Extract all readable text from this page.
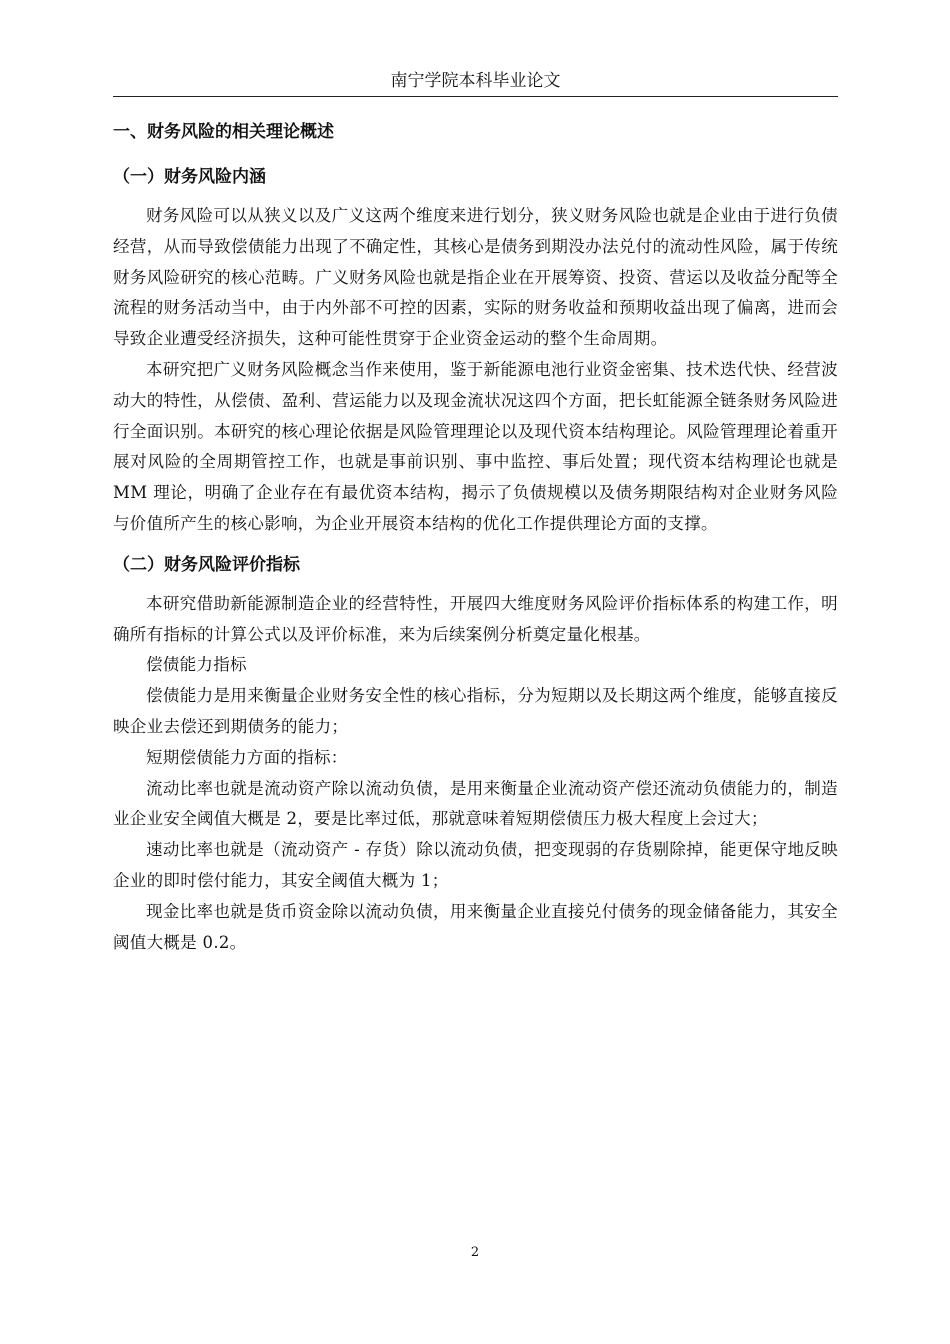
南宁学院本科毕业论文
一、财务风险的相关理论概述
（一）财务风险内涵

财务风险可以从狭义以及广义这两个维度来进行划分，狭义财务风险也就是企业由于进行负债经营，从而导致偿债能力出现了不确定性，其核心是债务到期没办法兑付的流动性风险，属于传统财务风险研究的核心范畴。广义财务风险也就是指企业在开展筹资、投资、营运以及收益分配等全流程的财务活动当中，由于内外部不可控的因素，实际的财务收益和预期收益出现了偏离，进而会导致企业遭受经济损失，这种可能性贯穿于企业资金运动的整个生命周期。

本研究把广义财务风险概念当作来使用，鉴于新能源电池行业资金密集、技术迭代快、经营波动大的特性，从偿债、盈利、营运能力以及现金流状况这四个方面，把长虹能源全链条财务风险进行全面识别。本研究的核心理论依据是风险管理理论以及现代资本结构理论。风险管理理论着重开展对风险的全周期管控工作，也就是事前识别、事中监控、事后处置；现代资本结构理论也就是 MM 理论，明确了企业存在有最优资本结构，揭示了负债规模以及债务期限结构对企业财务风险与价值所产生的核心影响，为企业开展资本结构的优化工作提供理论方面的支撑。

（二）财务风险评价指标

本研究借助新能源制造企业的经营特性，开展四大维度财务风险评价指标体系的构建工作，明确所有指标的计算公式以及评价标准，来为后续案例分析奠定量化根基。

偿债能力指标

偿债能力是用来衡量企业财务安全性的核心指标，分为短期以及长期这两个维度，能够直接反映企业去偿还到期债务的能力；

短期偿债能力方面的指标：

流动比率也就是流动资产除以流动负债，是用来衡量企业流动资产偿还流动负债能力的，制造业企业安全阈值大概是 2，要是比率过低，那就意味着短期偿债压力极大程度上会过大；

速动比率也就是（流动资产 - 存货）除以流动负债，把变现弱的存货剔除掉，能更保守地反映企业的即时偿付能力，其安全阈值大概为 1；

现金比率也就是货币资金除以流动负债，用来衡量企业直接兑付债务的现金储备能力，其安全阈值大概是 0.2。

2
